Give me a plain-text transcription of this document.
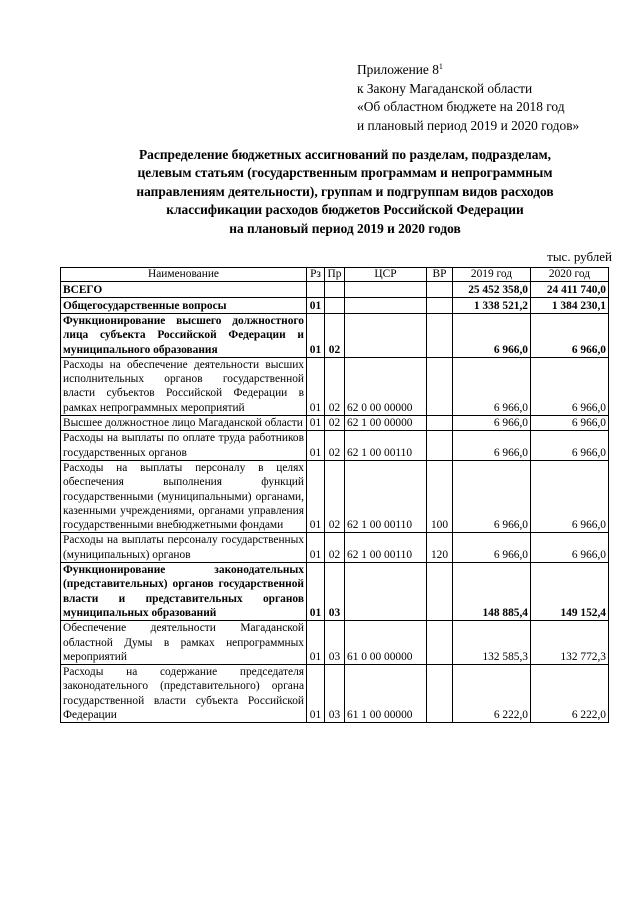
Приложение $8^1$
к Закону Магаданской области
«Об областном бюджете на 2018 год
и плановый период 2019 и 2020 годов»
Распределение бюджетных ассигнований по разделам, подразделам,
целевым статьям (государственным программам и непрограммным
направлениям деятельности), группам и подгруппам видов расходов
классификации расходов бюджетов Российской Федерации
на плановый период 2019 и 2020 годов
тыс. рублей
Наименование	Рз	Пр	ЦСР	ВР	2019 год	2020 год
ВСЕГО					25 452 358,0	24 411 740,0
Общегосударственные вопросы	01				1 338 521,2	1 384 230,1
Функционирование высшего должностного лица субъекта Российской Федерации и муниципального образования	01	02			6 966,0	6 966,0
Расходы на обеспечение деятельности высших исполнительных органов государственной власти субъектов Российской Федерации в рамках непрограммных мероприятий	01	02	62 0 00 00000		6 966,0	6 966,0
Высшее должностное лицо Магаданской области	01	02	62 1 00 00000		6 966,0	6 966,0
Расходы на выплаты по оплате труда работников государственных органов	01	02	62 1 00 00110		6 966,0	6 966,0
Расходы на выплаты персоналу в целях обеспечения выполнения функций государственными (муниципальными) органами, казенными учреждениями, органами управления государственными внебюджетными фондами	01	02	62 1 00 00110	100	6 966,0	6 966,0
Расходы на выплаты персоналу государственных (муниципальных) органов	01	02	62 1 00 00110	120	6 966,0	6 966,0
Функционирование законодательных (представительных) органов государственной власти и представительных органов муниципальных образований	01	03			148 885,4	149 152,4
Обеспечение деятельности Магаданской областной Думы в рамках непрограммных мероприятий	01	03	61 0 00 00000		132 585,3	132 772,3
Расходы на содержание председателя законодательного (представительного) органа государственной власти субъекта Российской Федерации	01	03	61 1 00 00000		6 222,0	6 222,0
